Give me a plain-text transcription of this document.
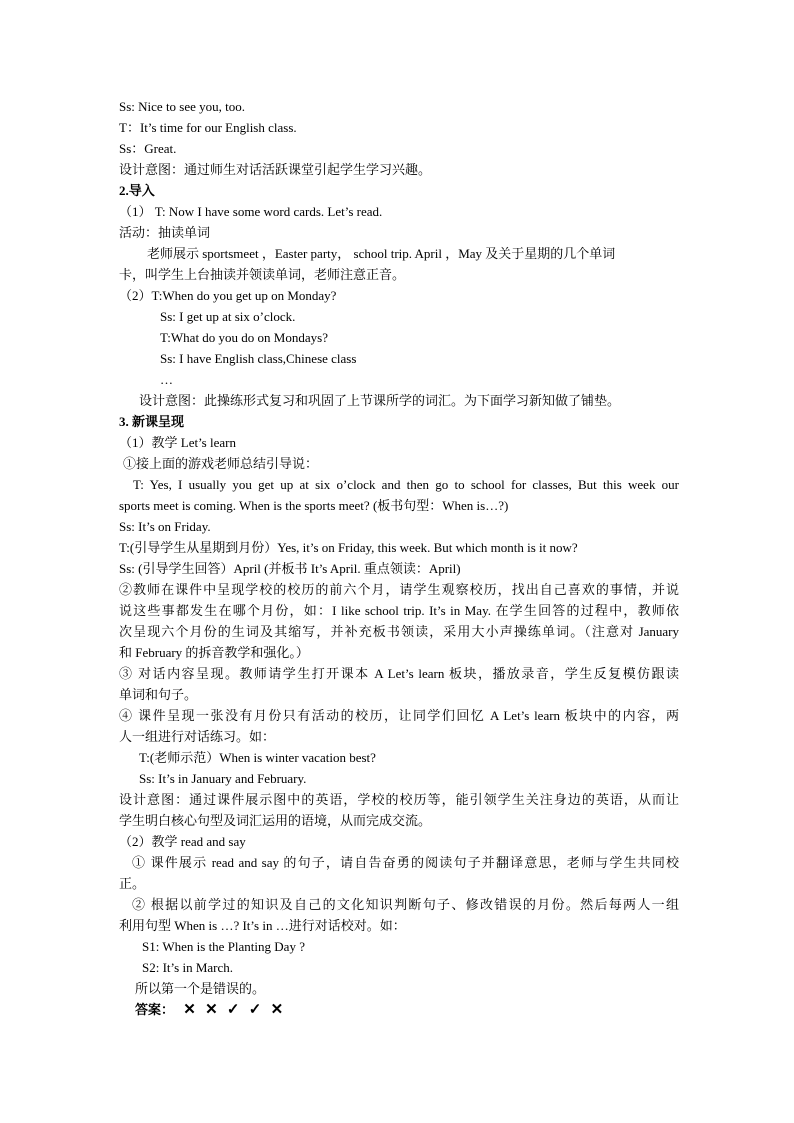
Ss: Nice to see you, too.
T：It’s time for our English class.
Ss：Great.
设计意图：通过师生对话活跃课堂引起学生学习兴趣。
2.导入
（1） T: Now I have some word cards. Let’s read.
活动：抽读单词
老师展示 sportsmeet ，Easter party， school trip. April ，May 及关于星期的几个单词
卡，叫学生上台抽读并领读单词，老师注意正音。
（2）T:When do you get up on Monday?
Ss: I get up at six o’clock.
T:What do you do on Mondays?
Ss: I have English class,Chinese class
…
设计意图：此操练形式复习和巩固了上节课所学的词汇。为下面学习新知做了铺垫。
3. 新课呈现
（1）教学 Let’s learn
①接上面的游戏老师总结引导说：
T: Yes, I usually you get up at six o’clock and then go to school for classes, But this week our
sports meet is coming. When is the sports meet? (板书句型：When is…?)
Ss: It’s on Friday.
T:(引导学生从星期到月份）Yes, it’s on Friday, this week. But which month is it now?
Ss: (引导学生回答）April (并板书 It’s April. 重点领读：April)
②教师在课件中呈现学校的校历的前六个月，请学生观察校历，找出自己喜欢的事情，并说
说这些事都发生在哪个月份，如：I like school trip. It’s in May. 在学生回答的过程中，教师依
次呈现六个月份的生词及其缩写，并补充板书领读，采用大小声操练单词。（注意对 January
和 February 的拆音教学和强化。）
③ 对话内容呈现。教师请学生打开课本 A Let’s learn 板块，播放录音，学生反复模仿跟读
单词和句子。
④ 课件呈现一张没有月份只有活动的校历，让同学们回忆 A Let’s learn 板块中的内容，两
人一组进行对话练习。如：
T:(老师示范）When is winter vacation best?
Ss: It’s in January and February.
设计意图：通过课件展示图中的英语，学校的校历等，能引领学生关注身边的英语，从而让
学生明白核心句型及词汇运用的语境，从而完成交流。
（2）教学 read and say
① 课件展示 read and say 的句子，请自告奋勇的阅读句子并翻译意思，老师与学生共同校
正。
② 根据以前学过的知识及自己的文化知识判断句子、修改错误的月份。然后每两人一组
利用句型 When is …? It’s in …进行对话校对。如：
S1: When is the Planting Day ?
S2: It’s in March.
所以第一个是错误的。
答案： ✕ ✕ ✓ ✓ ✕
